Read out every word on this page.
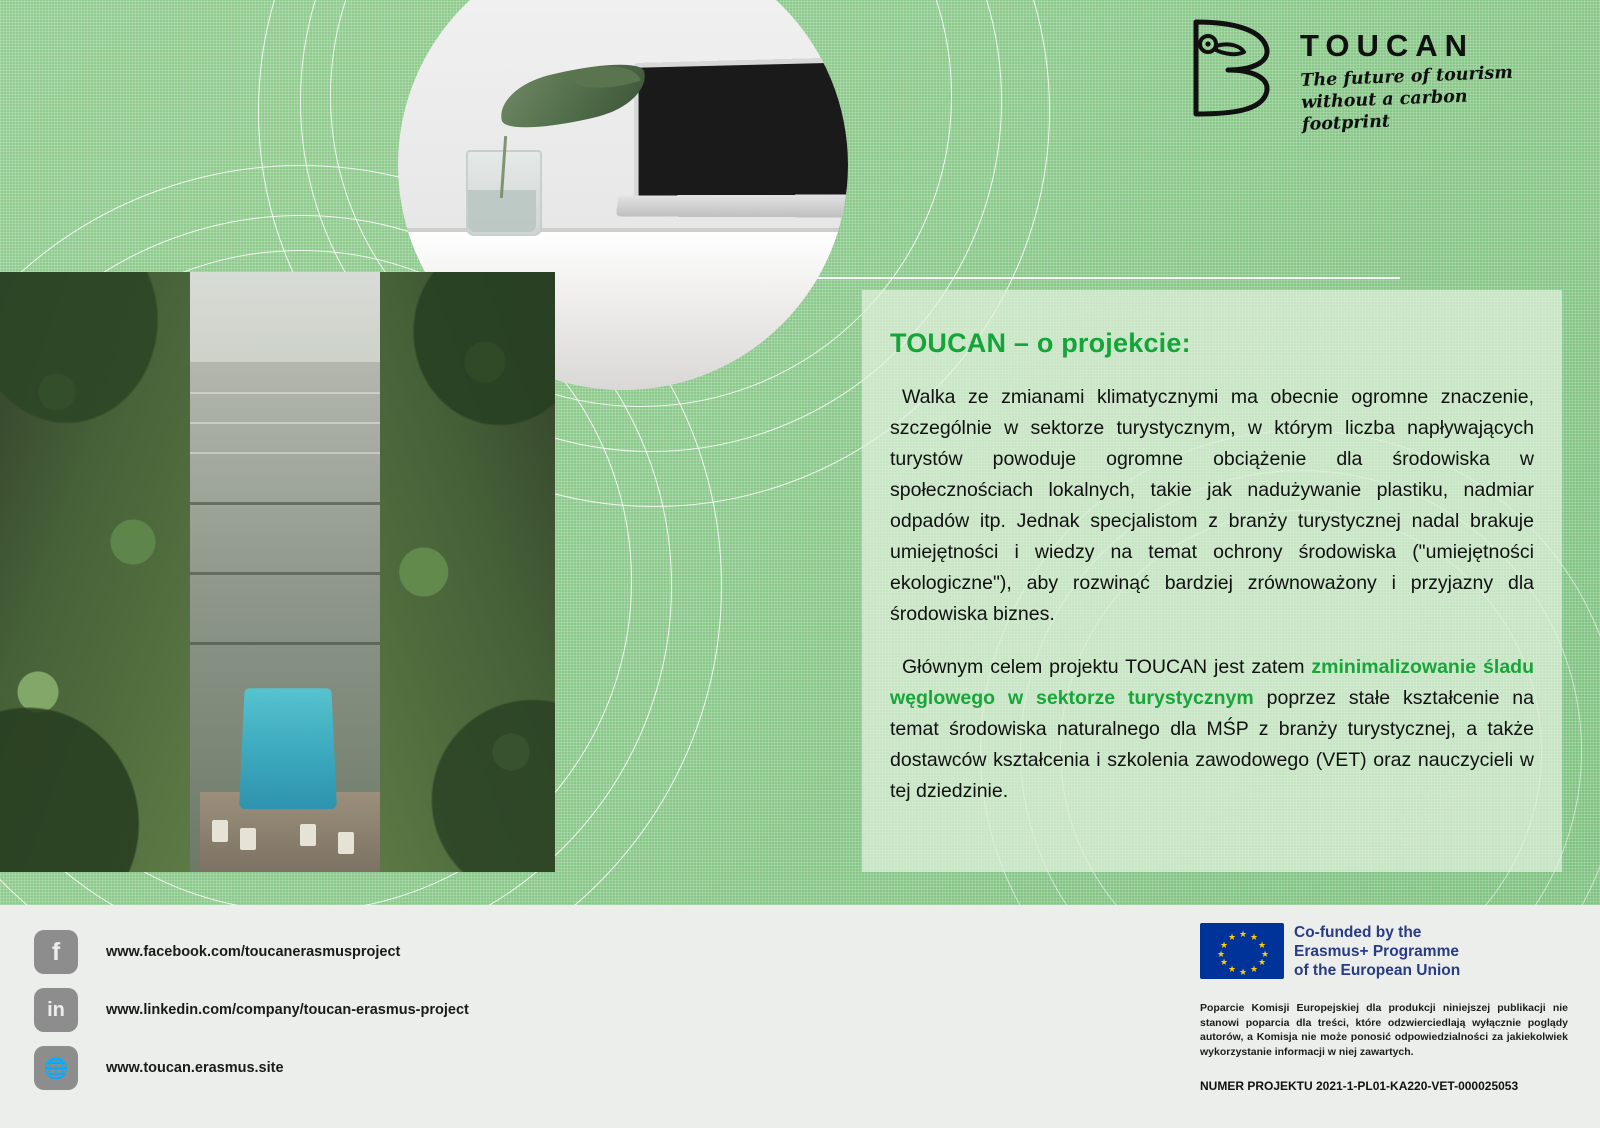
TOUCAN
The future of tourism
without a carbon footprint
TOUCAN – o projekcie:

Walka ze zmianami klimatycznymi ma obecnie ogromne znaczenie, szczególnie w sektorze turystycznym, w którym liczba napływających turystów powoduje ogromne obciążenie dla środowiska w społecznościach lokalnych, takie jak nadużywanie plastiku, nadmiar odpadów itp. Jednak specjalistom z branży turystycznej nadal brakuje umiejętności i wiedzy na temat ochrony środowiska ("umiejętności ekologiczne"), aby rozwinąć bardziej zrównoważony i przyjazny dla środowiska biznes.

Głównym celem projektu TOUCAN jest zatem zminimalizowanie śladu węglowego w sektorze turystycznym poprzez stałe kształcenie na temat środowiska naturalnego dla MŚP z branży turystycznej, a także dostawców kształcenia i szkolenia zawodowego (VET) oraz nauczycieli w tej dziedzinie.

f	www.facebook.com/toucanerasmusproject
in	www.linkedin.com/company/toucan-erasmus-project
🌐	www.toucan.erasmus.site
★
★ ★
★	★
★	★
★	★
★ ★
★
Co-funded by the
Erasmus+ Programme
of the European Union
Poparcie Komisji Europejskiej dla produkcji niniejszej publikacji nie stanowi poparcia dla treści, które odzwierciedlają wyłącznie poglądy autorów, a Komisja nie może ponosić odpowiedzialności za jakiekolwiek wykorzystanie informacji w niej zawartych.
NUMER PROJEKTU 2021-1-PL01-KA220-VET-000025053
